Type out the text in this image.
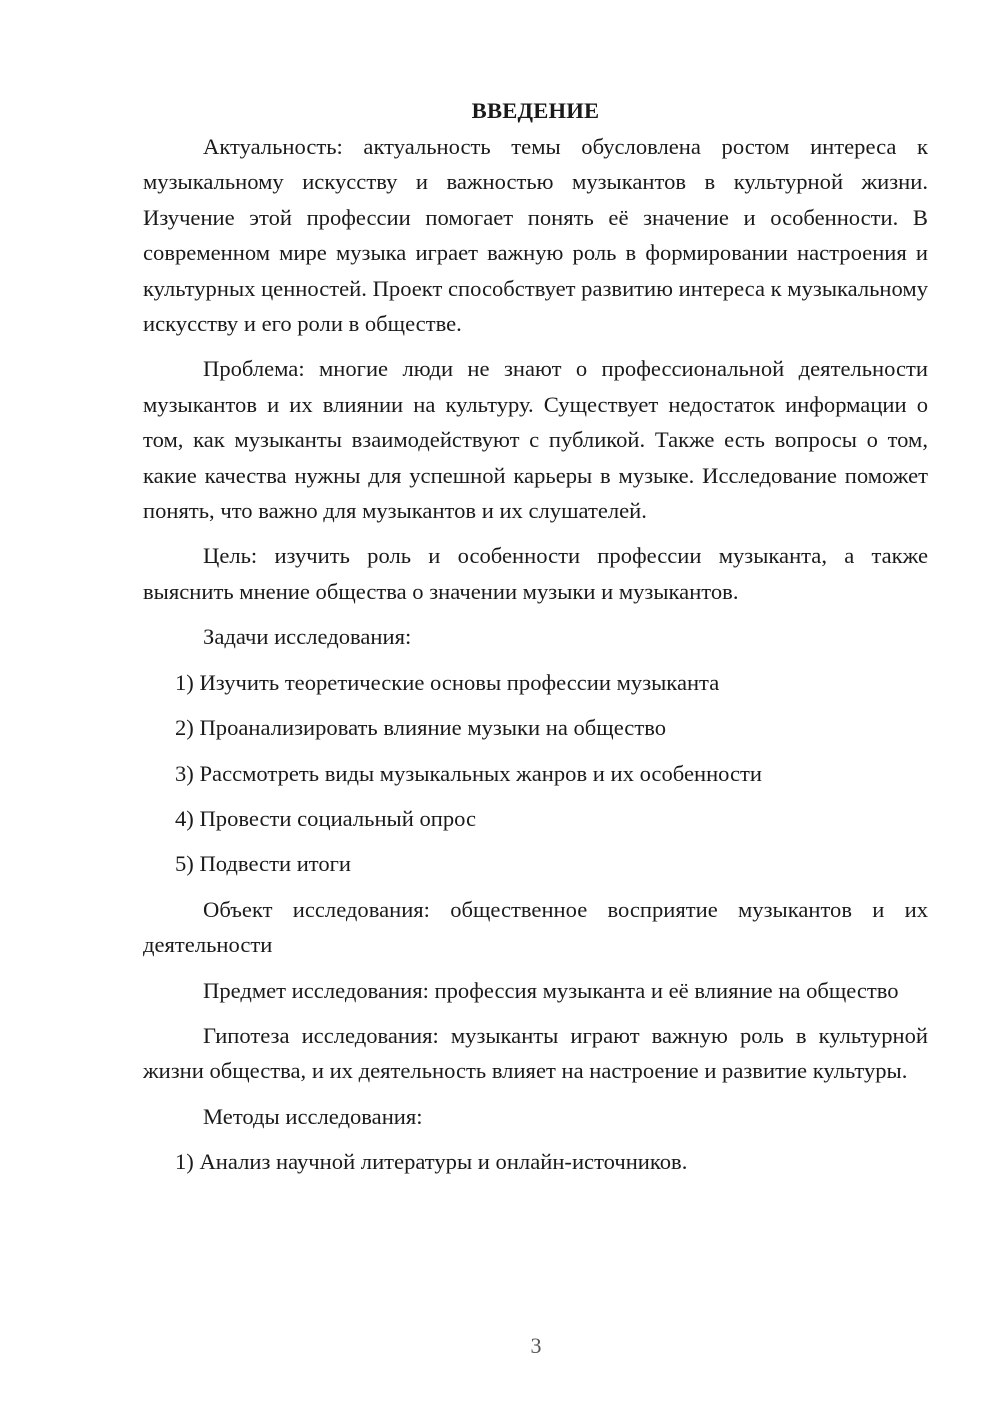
ВВЕДЕНИЕ

Актуальность: актуальность темы обусловлена ростом интереса к музыкальному искусству и важностью музыкантов в культурной жизни. Изучение этой профессии помогает понять её значение и особенности. В современном мире музыка играет важную роль в формировании настроения и культурных ценностей. Проект способствует развитию интереса к музыкальному искусству и его роли в обществе.

Проблема: многие люди не знают о профессиональной деятельности музыкантов и их влиянии на культуру. Существует недостаток информации о том, как музыканты взаимодействуют с публикой. Также есть вопросы о том, какие качества нужны для успешной карьеры в музыке. Исследование поможет понять, что важно для музыкантов и их слушателей.

Цель: изучить роль и особенности профессии музыканта, а также выяснить мнение общества о значении музыки и музыкантов.

Задачи исследования:

1) Изучить теоретические основы профессии музыканта

2) Проанализировать влияние музыки на общество

3) Рассмотреть виды музыкальных жанров и их особенности

4) Провести социальный опрос

5) Подвести итоги

Объект исследования: общественное восприятие музыкантов и их деятельности

Предмет исследования: профессия музыканта и её влияние на общество

Гипотеза исследования: музыканты играют важную роль в культурной жизни общества, и их деятельность влияет на настроение и развитие культуры.

Методы исследования:

1) Анализ научной литературы и онлайн-источников.

3
